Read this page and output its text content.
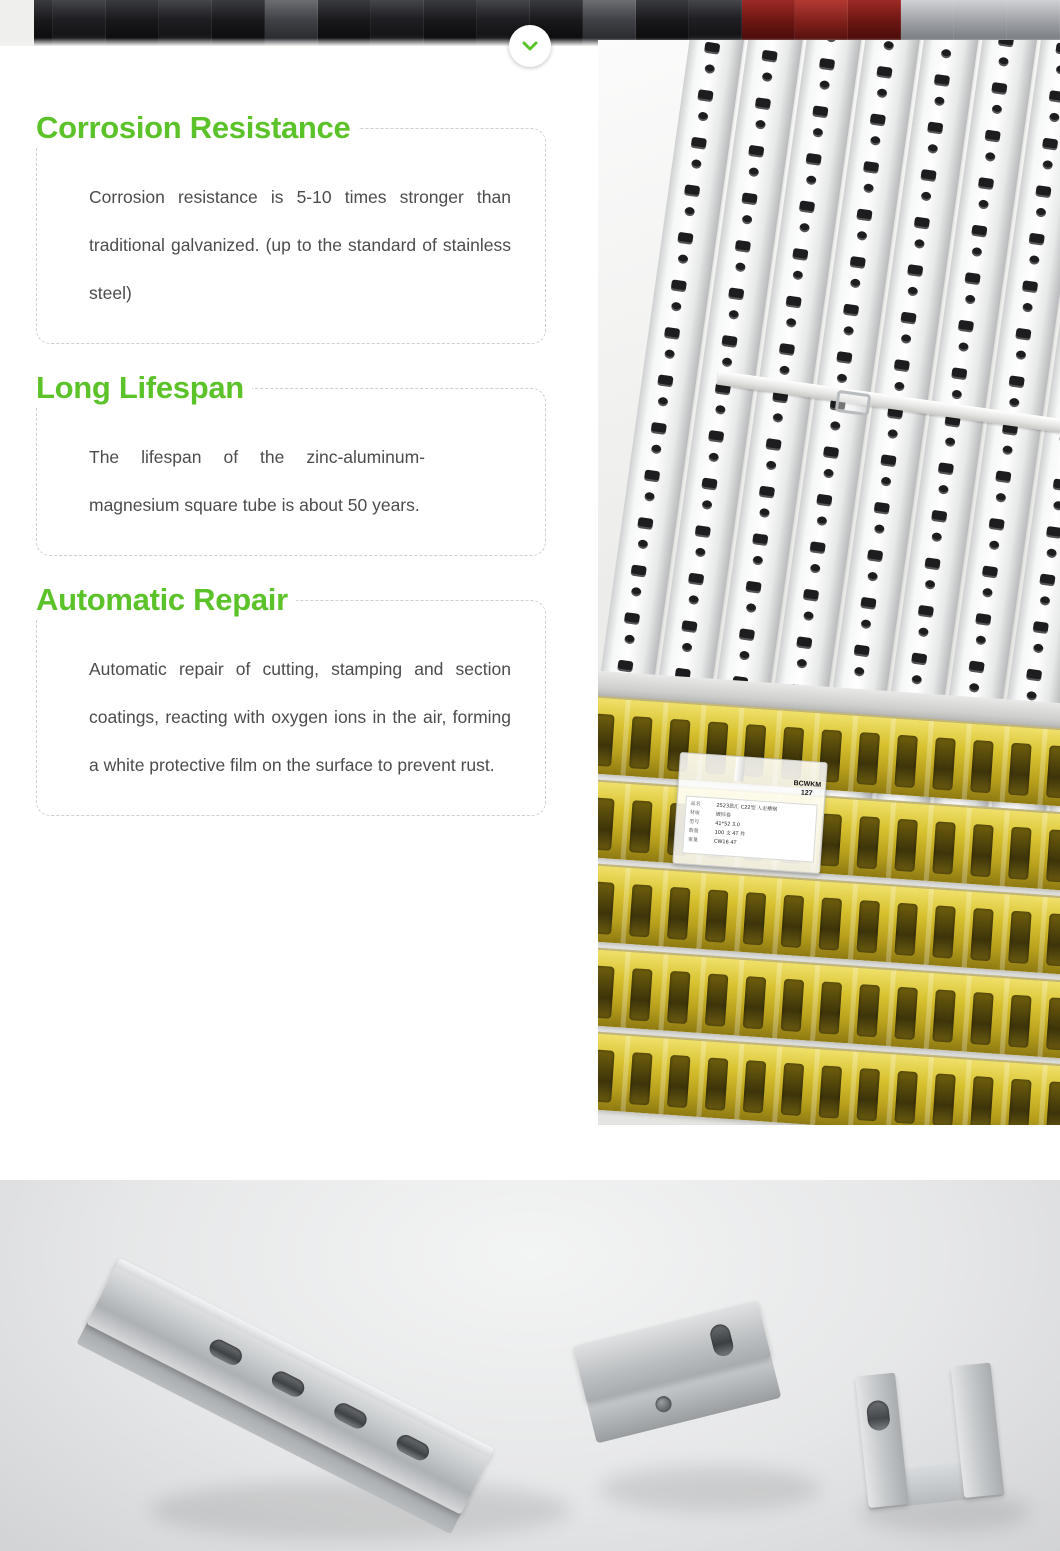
BCWKM
127
品名	2523蓝汇 C22型 人走槽钢
材质	镀锌卷
型号	41*52 3.0
数量	100 支 4T 件
重量	CW16 4T
Corrosion Resistance

Corrosion resistance is 5-10 times stronger than traditional galvanized. (up to the standard of stainless steel)

Long Lifespan

The lifespan of the zinc-aluminum-magnesium square tube is about 50 years.

Automatic Repair

Automatic repair of cutting, stamping and section coatings, reacting with oxygen ions in the air, forming a white protective film on the surface to prevent rust.
